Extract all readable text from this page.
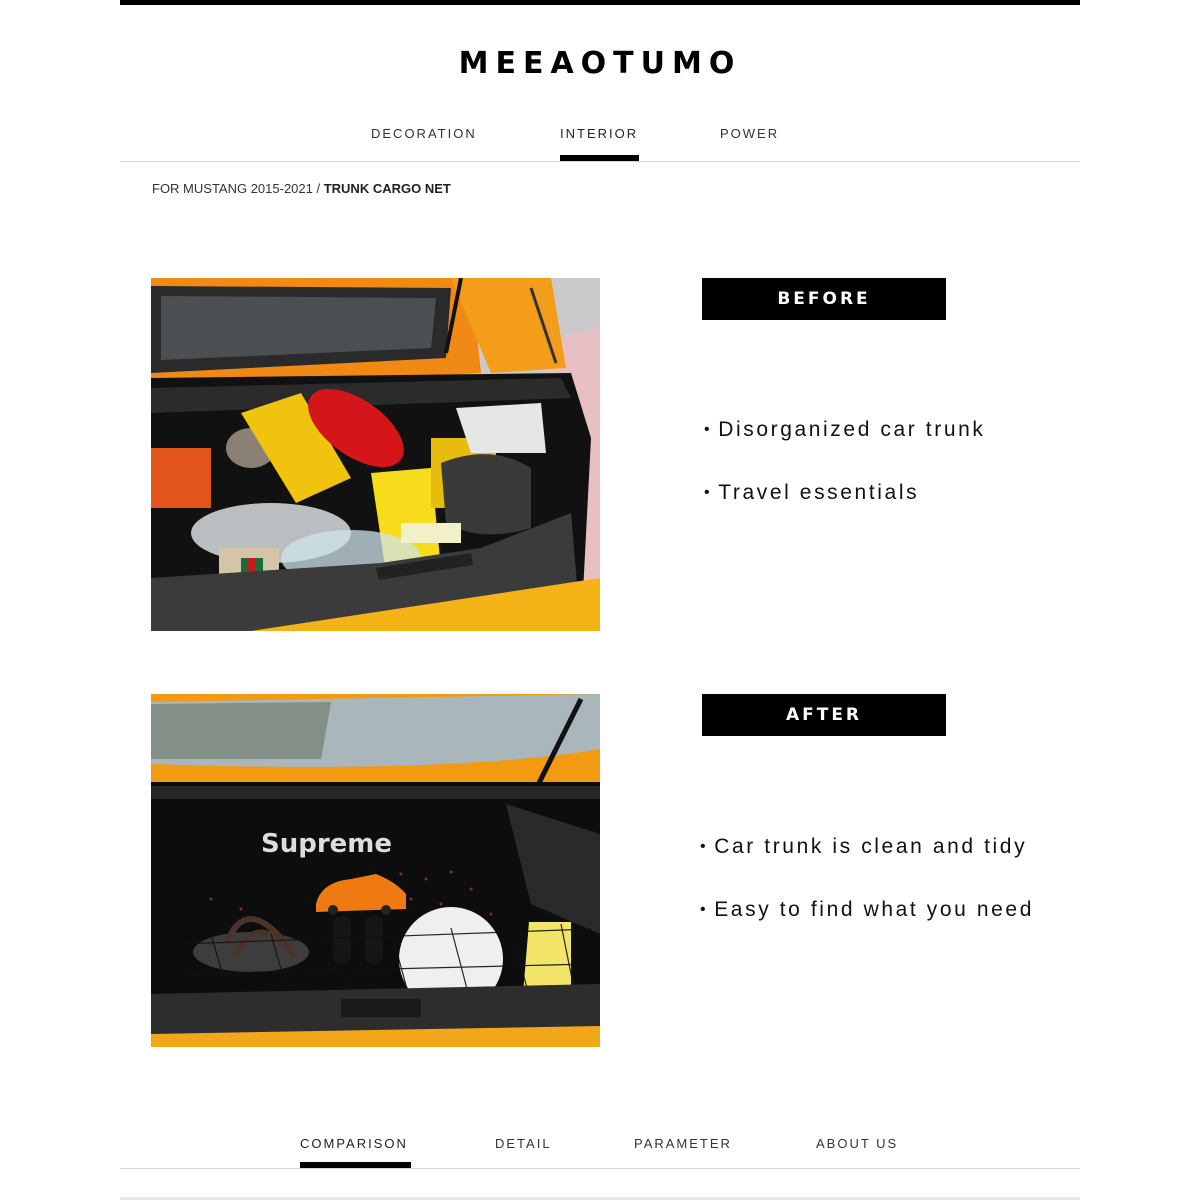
MEEAOTUMO
DECORATION	INTERIOR	POWER
FOR MUSTANG 2015-2021 / TRUNK CARGO NET
BEFORE
• Disorganized car trunk
• Travel essentials
Supreme
AFTER
• Car trunk is clean and tidy
• Easy to find what you need
COMPARISON	DETAIL	PARAMETER	ABOUT US
